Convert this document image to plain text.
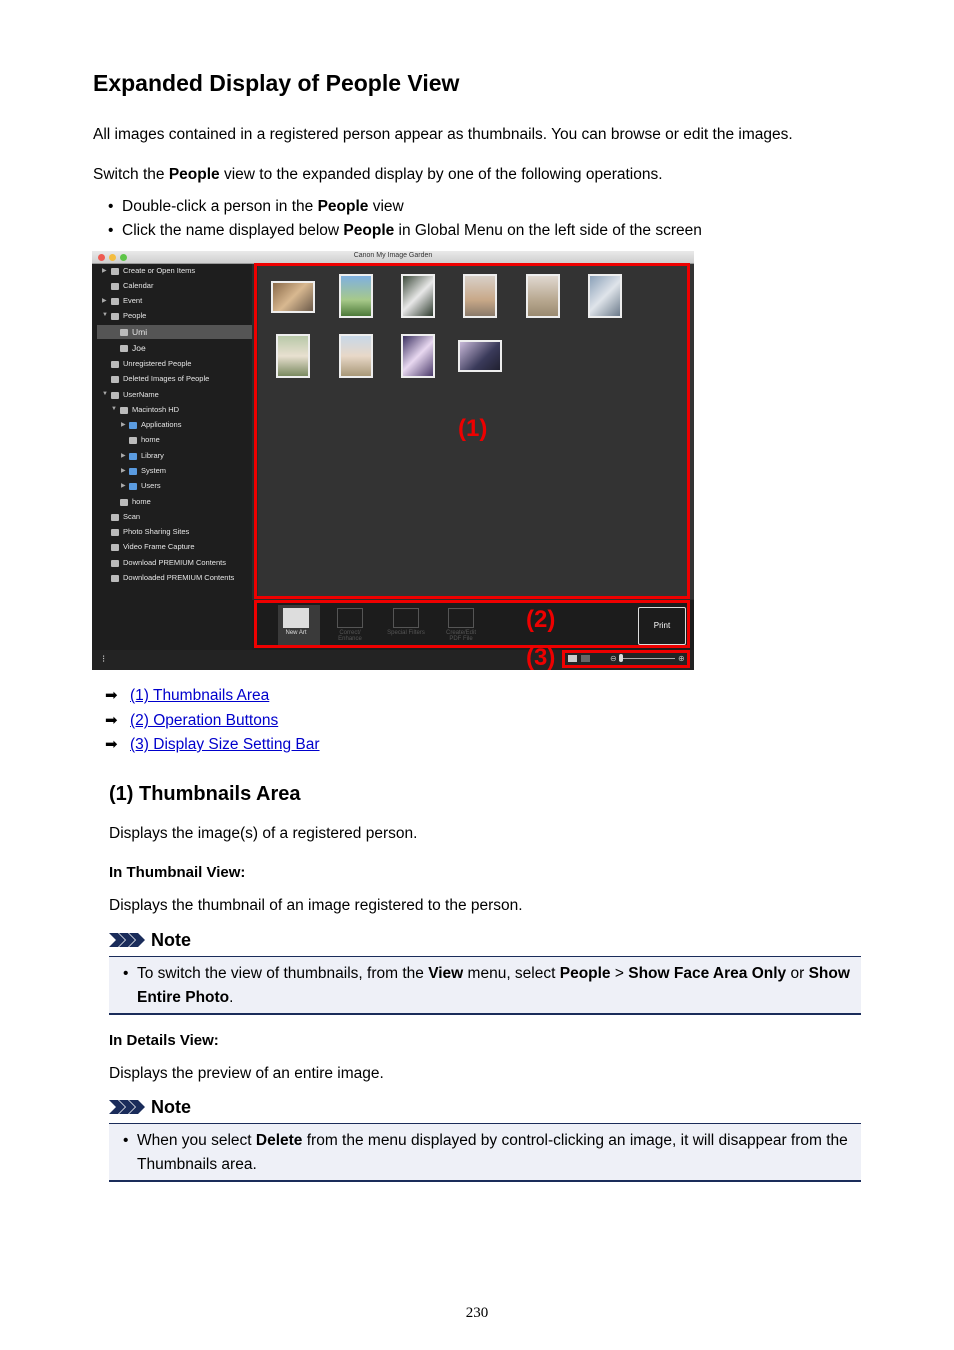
Expanded Display of People View
All images contained in a registered person appear as thumbnails. You can browse or edit the images.
Switch the People view to the expanded display by one of the following operations.
• Double-click a person in the People view
• Click the name displayed below People in Global Menu on the left side of the screen
Canon My Image Garden
▶	Create or Open Items
Calendar
▶	Event
▼	People
Umi
Joe
Unregistered People
Deleted Images of People
▼	UserName
▼	Macintosh HD
▶	Applications
home
▶	Library
▶	System
▶	Users
home
Scan
Photo Sharing Sites
Video Frame Capture
Download PREMIUM Contents
Downloaded PREMIUM Contents
(1)
New Art	Correct/ Enhance
Special Filters	Create/Edit PDF File
Print
(2)
⁝	⊖	⊕
(3)
➡ (1) Thumbnails Area
➡ (2) Operation Buttons
➡ (3) Display Size Setting Bar
(1) Thumbnails Area
Displays the image(s) of a registered person.
In Thumbnail View:
Displays the thumbnail of an image registered to the person.
Note
• To switch the view of thumbnails, from the View menu, select People > Show Face Area Only or Show Entire Photo.
In Details View:
Displays the preview of an entire image.
Note
• When you select Delete from the menu displayed by control-clicking an image, it will disappear from the Thumbnails area.
230
